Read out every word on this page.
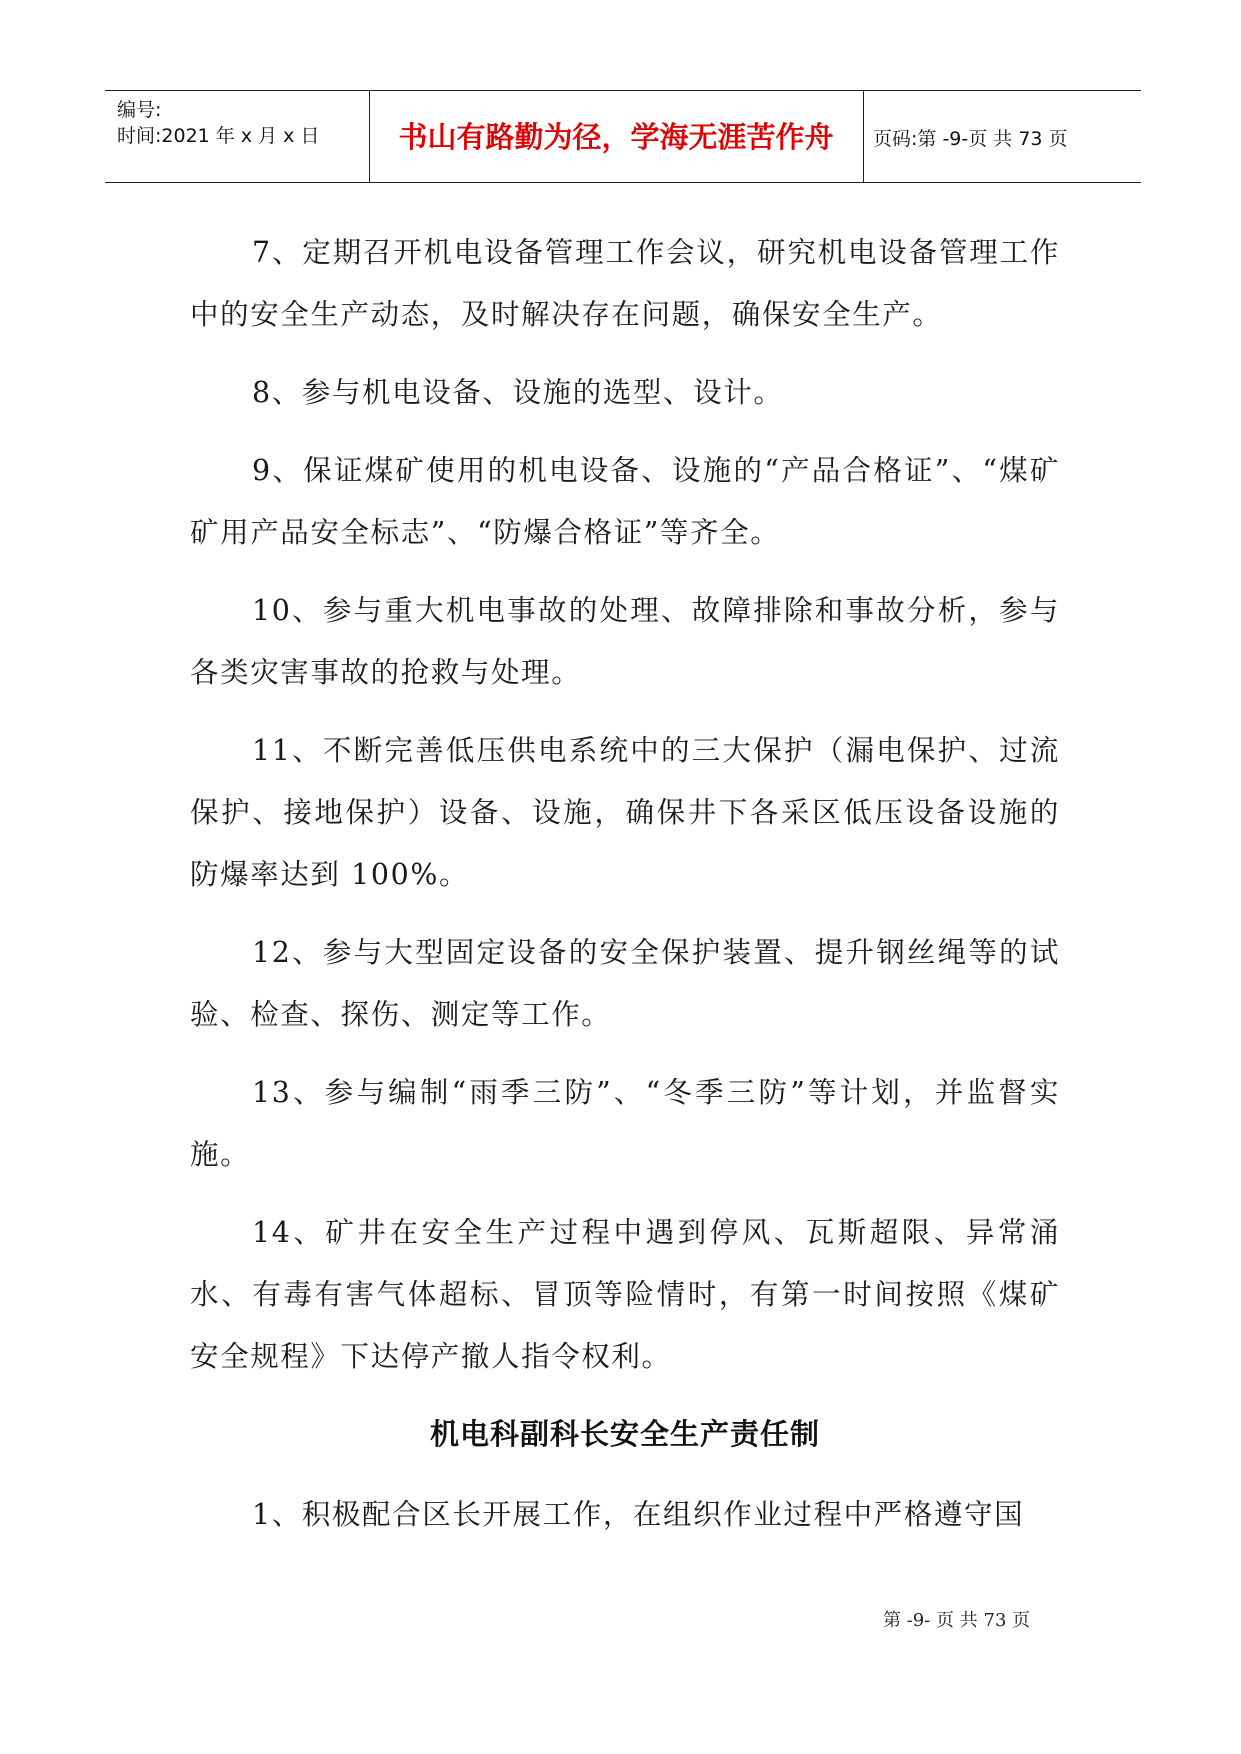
编号:
时间:2021 年 x 月 x 日	书山有路勤为径，学海无涯苦作舟	页码:第 -9-页 共 73 页

7、定期召开机电设备管理工作会议，研究机电设备管理工作中的安全生产动态，及时解决存在问题，确保安全生产。

8、参与机电设备、设施的选型、设计。

9、保证煤矿使用的机电设备、设施的“产品合格证”、“煤矿矿用产品安全标志”、“防爆合格证”等齐全。

10、参与重大机电事故的处理、故障排除和事故分析，参与各类灾害事故的抢救与处理。

11、不断完善低压供电系统中的三大保护（漏电保护、过流保护、接地保护）设备、设施，确保井下各采区低压设备设施的防爆率达到 100%。

12、参与大型固定设备的安全保护装置、提升钢丝绳等的试验、检查、探伤、测定等工作。

13、参与编制“雨季三防”、“冬季三防”等计划，并监督实施。

14、矿井在安全生产过程中遇到停风、瓦斯超限、异常涌水、有毒有害气体超标、冒顶等险情时，有第一时间按照《煤矿安全规程》下达停产撤人指令权利。

机电科副科长安全生产责任制

1、积极配合区长开展工作，在组织作业过程中严格遵守国

第 -9- 页 共 73 页
